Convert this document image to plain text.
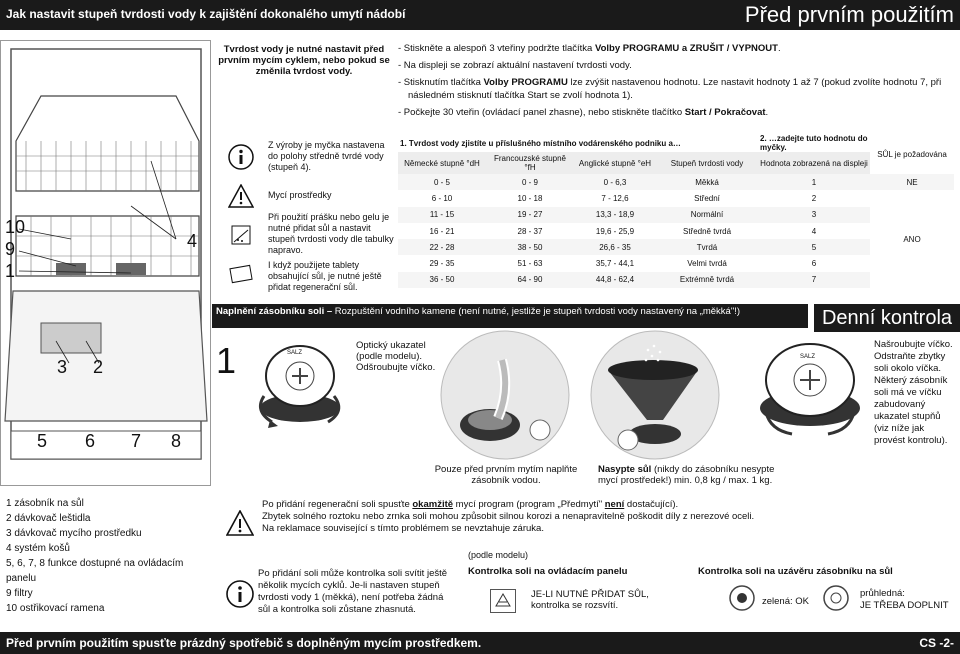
Jak nastavit stupeň tvrdosti vody k zajištění dokonalého umytí nádobí	Před prvním použitím
10
9
1
4
3 2
5 6 7 8
1 zásobník na sůl
2 dávkovač leštidla
3 dávkovač mycího prostředku
4 systém košů
5, 6, 7, 8 funkce dostupné na ovládacím panelu
9 filtry
10 ostřikovací ramena
Tvrdost vody je nutné nastavit před prvním mycím cyklem, nebo pokud se změnila tvrdost vody.
- Stiskněte a alespoň 3 vteřiny podržte tlačítka Volby PROGRAMU a ZRUŠIT / VYPNOUT.
- Na displeji se zobrazí aktuální nastavení tvrdosti vody.
- Stisknutím tlačítka Volby PROGRAMU lze zvýšit nastavenou hodnotu. Lze nastavit hodnoty 1 až 7 (pokud zvolíte hodnotu 7, při následném stisknutí tlačítka Start se zvolí hodnota 1).
- Počkejte 30 vteřin (ovládací panel zhasne), nebo stiskněte tlačítko Start / Pokračovat.
Z výroby je myčka nastavena do polohy středně tvrdé vody (stupeň 4).
Mycí prostředky
Při použití prášku nebo gelu je nutné přidat sůl a nastavit stupeň tvrdosti vody dle tabulky napravo.
I když použijete tablety obsahující sůl, je nutné ještě přidat regenerační sůl.
1. Tvrdost vody zjistíte u příslušného místního vodárenského podniku a…				2. …zadejte tuto hodnotu do myčky.	SŮL je požadována
Německé stupně °dH	Francouzské stupně °fH	Anglické stupně °eH	Stupeň tvrdosti vody	Hodnota zobrazená na displeji	
0 - 5	0 - 9	0 - 6,3	Měkká	1	NE
6 - 10	10 - 18	7 - 12,6	Střední	2	ANO
11 - 15	19 - 27	13,3 - 18,9	Normální	3	
16 - 21	28 - 37	19,6 - 25,9	Středně tvrdá	4	
22 - 28	38 - 50	26,6 - 35	Tvrdá	5	
29 - 35	51 - 63	35,7 - 44,1	Velmi tvrdá	6	
36 - 50	64 - 90	44,8 - 62,4	Extrémně tvrdá	7	
Naplnění zásobníku soli – Rozpuštění vodního kamene (není nutné, jestliže je stupeň tvrdosti vody nastavený na „měkká"!)	Denní kontrola
1	SALZ
Optický ukazatel (podle modelu). Odšroubujte víčko.
Pouze před prvním mytím naplňte zásobník vodou.
Nasypte sůl (nikdy do zásobníku nesypte mycí prostředek!) min. 0,8 kg / max. 1 kg.
SALZ
Našroubujte víčko. Odstraňte zbytky soli okolo víčka. Některý zásobník soli má ve víčku zabudovaný ukazatel stupňů (viz níže jak provést kontrolu).
Po přidání regenerační soli spusťte okamžitě mycí program (program „Předmytí" není dostačující).
Zbytek solného roztoku nebo zrnka soli mohou způsobit silnou korozi a nenapravitelně poškodit díly z nerezové oceli.
Na reklamace související s tímto problémem se nevztahuje záruka.
Po přidání soli může kontrolka soli svítit ještě několik mycích cyklů. Je-li nastaven stupeň tvrdosti vody 1 (měkká), není potřeba žádná sůl a kontrolka soli zůstane zhasnutá.
(podle modelu)
Kontrolka soli na ovládacím panelu
JE-LI NUTNÉ PŘIDAT SŮL, kontrolka se rozsvítí.
Kontrolka soli na uzávěru zásobníku na sůl
zelená: OK
průhledná:
JE TŘEBA DOPLNIT
Před prvním použitím spusťte prázdný spotřebič s doplněným mycím prostředkem.	CS -2-
